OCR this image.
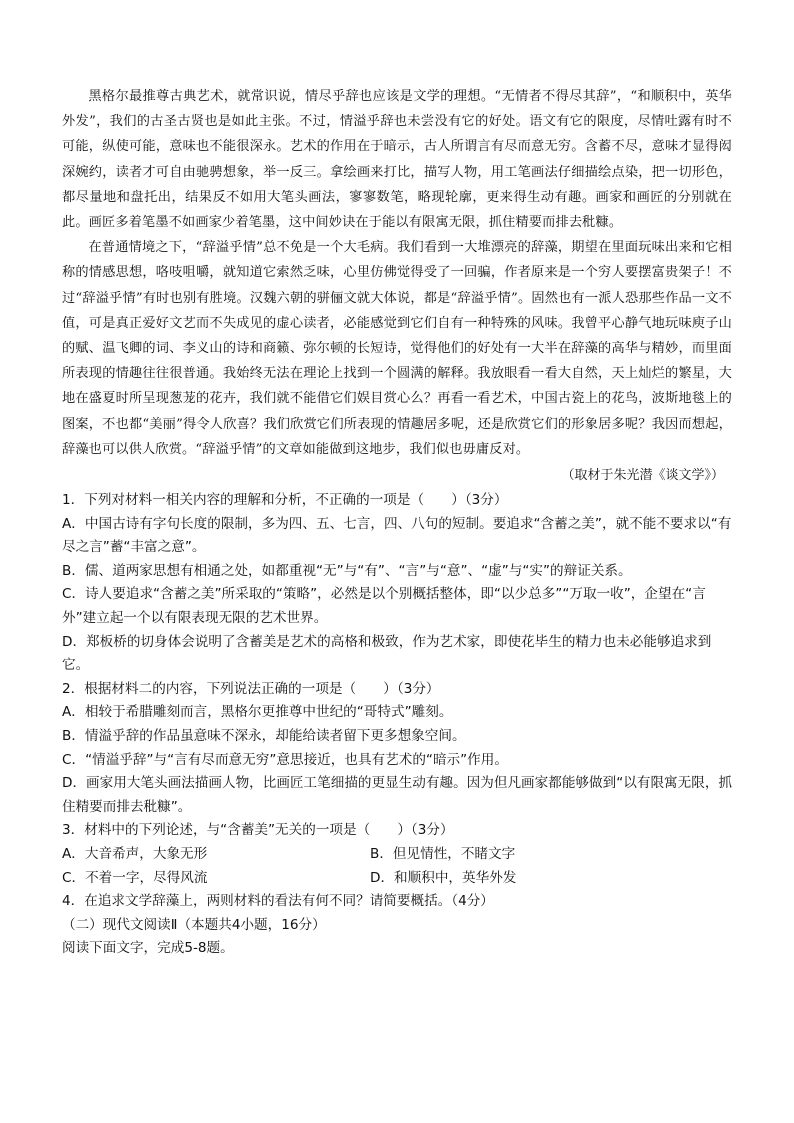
黑格尔最推尊古典艺术，就常识说，情尽乎辞也应该是文学的理想。“无情者不得尽其辞”，“和顺积中，英华外发”，我们的古圣古贤也是如此主张。不过，情溢乎辞也未尝没有它的好处。语文有它的限度，尽情吐露有时不可能，纵使可能，意味也不能很深永。艺术的作用在于暗示，古人所谓言有尽而意无穷。含蓄不尽，意味才显得闳深婉约，读者才可自由驰骋想象，举一反三。拿绘画来打比，描写人物，用工笔画法仔细描绘点染，把一切形色，都尽量地和盘托出，结果反不如用大笔头画法，寥寥数笔，略现轮廓，更来得生动有趣。画家和画匠的分别就在此。画匠多着笔墨不如画家少着笔墨，这中间妙诀在于能以有限寓无限，抓住精要而排去秕糠。

在普通情境之下，“辞溢乎情”总不免是一个大毛病。我们看到一大堆漂亮的辞藻，期望在里面玩味出来和它相称的情感思想，咯吱咀嚼，就知道它索然乏味，心里仿佛觉得受了一回骗，作者原来是一个穷人要摆富贵架子！不过“辞溢乎情”有时也别有胜境。汉魏六朝的骈俪文就大体说，都是“辞溢乎情”。固然也有一派人恐那些作品一文不值，可是真正爱好文艺而不失成见的虚心读者，必能感觉到它们自有一种特殊的风味。我曾平心静气地玩味庾子山的赋、温飞卿的词、李义山的诗和商籁、弥尔顿的长短诗，觉得他们的好处有一大半在辞藻的高华与精妙，而里面所表现的情趣往往很普通。我始终无法在理论上找到一个圆满的解释。我放眼看一看大自然，天上灿烂的繁星，大地在盛夏时所呈现葱茏的花卉，我们就不能借它们娱目赏心么？再看一看艺术，中国古瓷上的花鸟，波斯地毯上的图案，不也都“美丽”得令人欣喜？我们欣赏它们所表现的情趣居多呢，还是欣赏它们的形象居多呢？我因而想起，辞藻也可以供人欣赏。“辞溢乎情”的文章如能做到这地步，我们似也毋庸反对。

（取材于朱光潜《谈文学》）

1．下列对材料一相关内容的理解和分析，不正确的一项是（　　）（3分）

A．中国古诗有字句长度的限制，多为四、五、七言，四、八句的短制。要追求“含蓄之美”，就不能不要求以“有尽之言”蓄“丰富之意”。

B．儒、道两家思想有相通之处，如都重视“无”与“有”、“言”与“意”、“虚”与“实”的辩证关系。

C．诗人要追求“含蓄之美”所采取的“策略”，必然是以个别概括整体，即“以少总多”“万取一收”，企望在“言外”建立起一个以有限表现无限的艺术世界。

D．郑板桥的切身体会说明了含蓄美是艺术的高格和极致，作为艺术家，即使花毕生的精力也未必能够追求到它。

2．根据材料二的内容，下列说法正确的一项是（　　）（3分）

A．相较于希腊雕刻而言，黑格尔更推尊中世纪的“哥特式”雕刻。

B．情溢乎辞的作品虽意味不深永，却能给读者留下更多想象空间。

C．“情溢乎辞”与“言有尽而意无穷”意思接近，也具有艺术的“暗示”作用。

D．画家用大笔头画法描画人物，比画匠工笔细描的更显生动有趣。因为但凡画家都能够做到“以有限寓无限，抓住精要而排去秕糠”。

3．材料中的下列论述，与“含蓄美”无关的一项是（　　）（3分）

A．大音希声，大象无形	B．但见情性，不睹文字
C．不着一字，尽得风流	D．和顺积中，英华外发

4．在追求文学辞藻上，两则材料的看法有何不同？请简要概括。（4分）

（二）现代文阅读Ⅱ（本题共4小题，16分）

阅读下面文字，完成5-8题。
